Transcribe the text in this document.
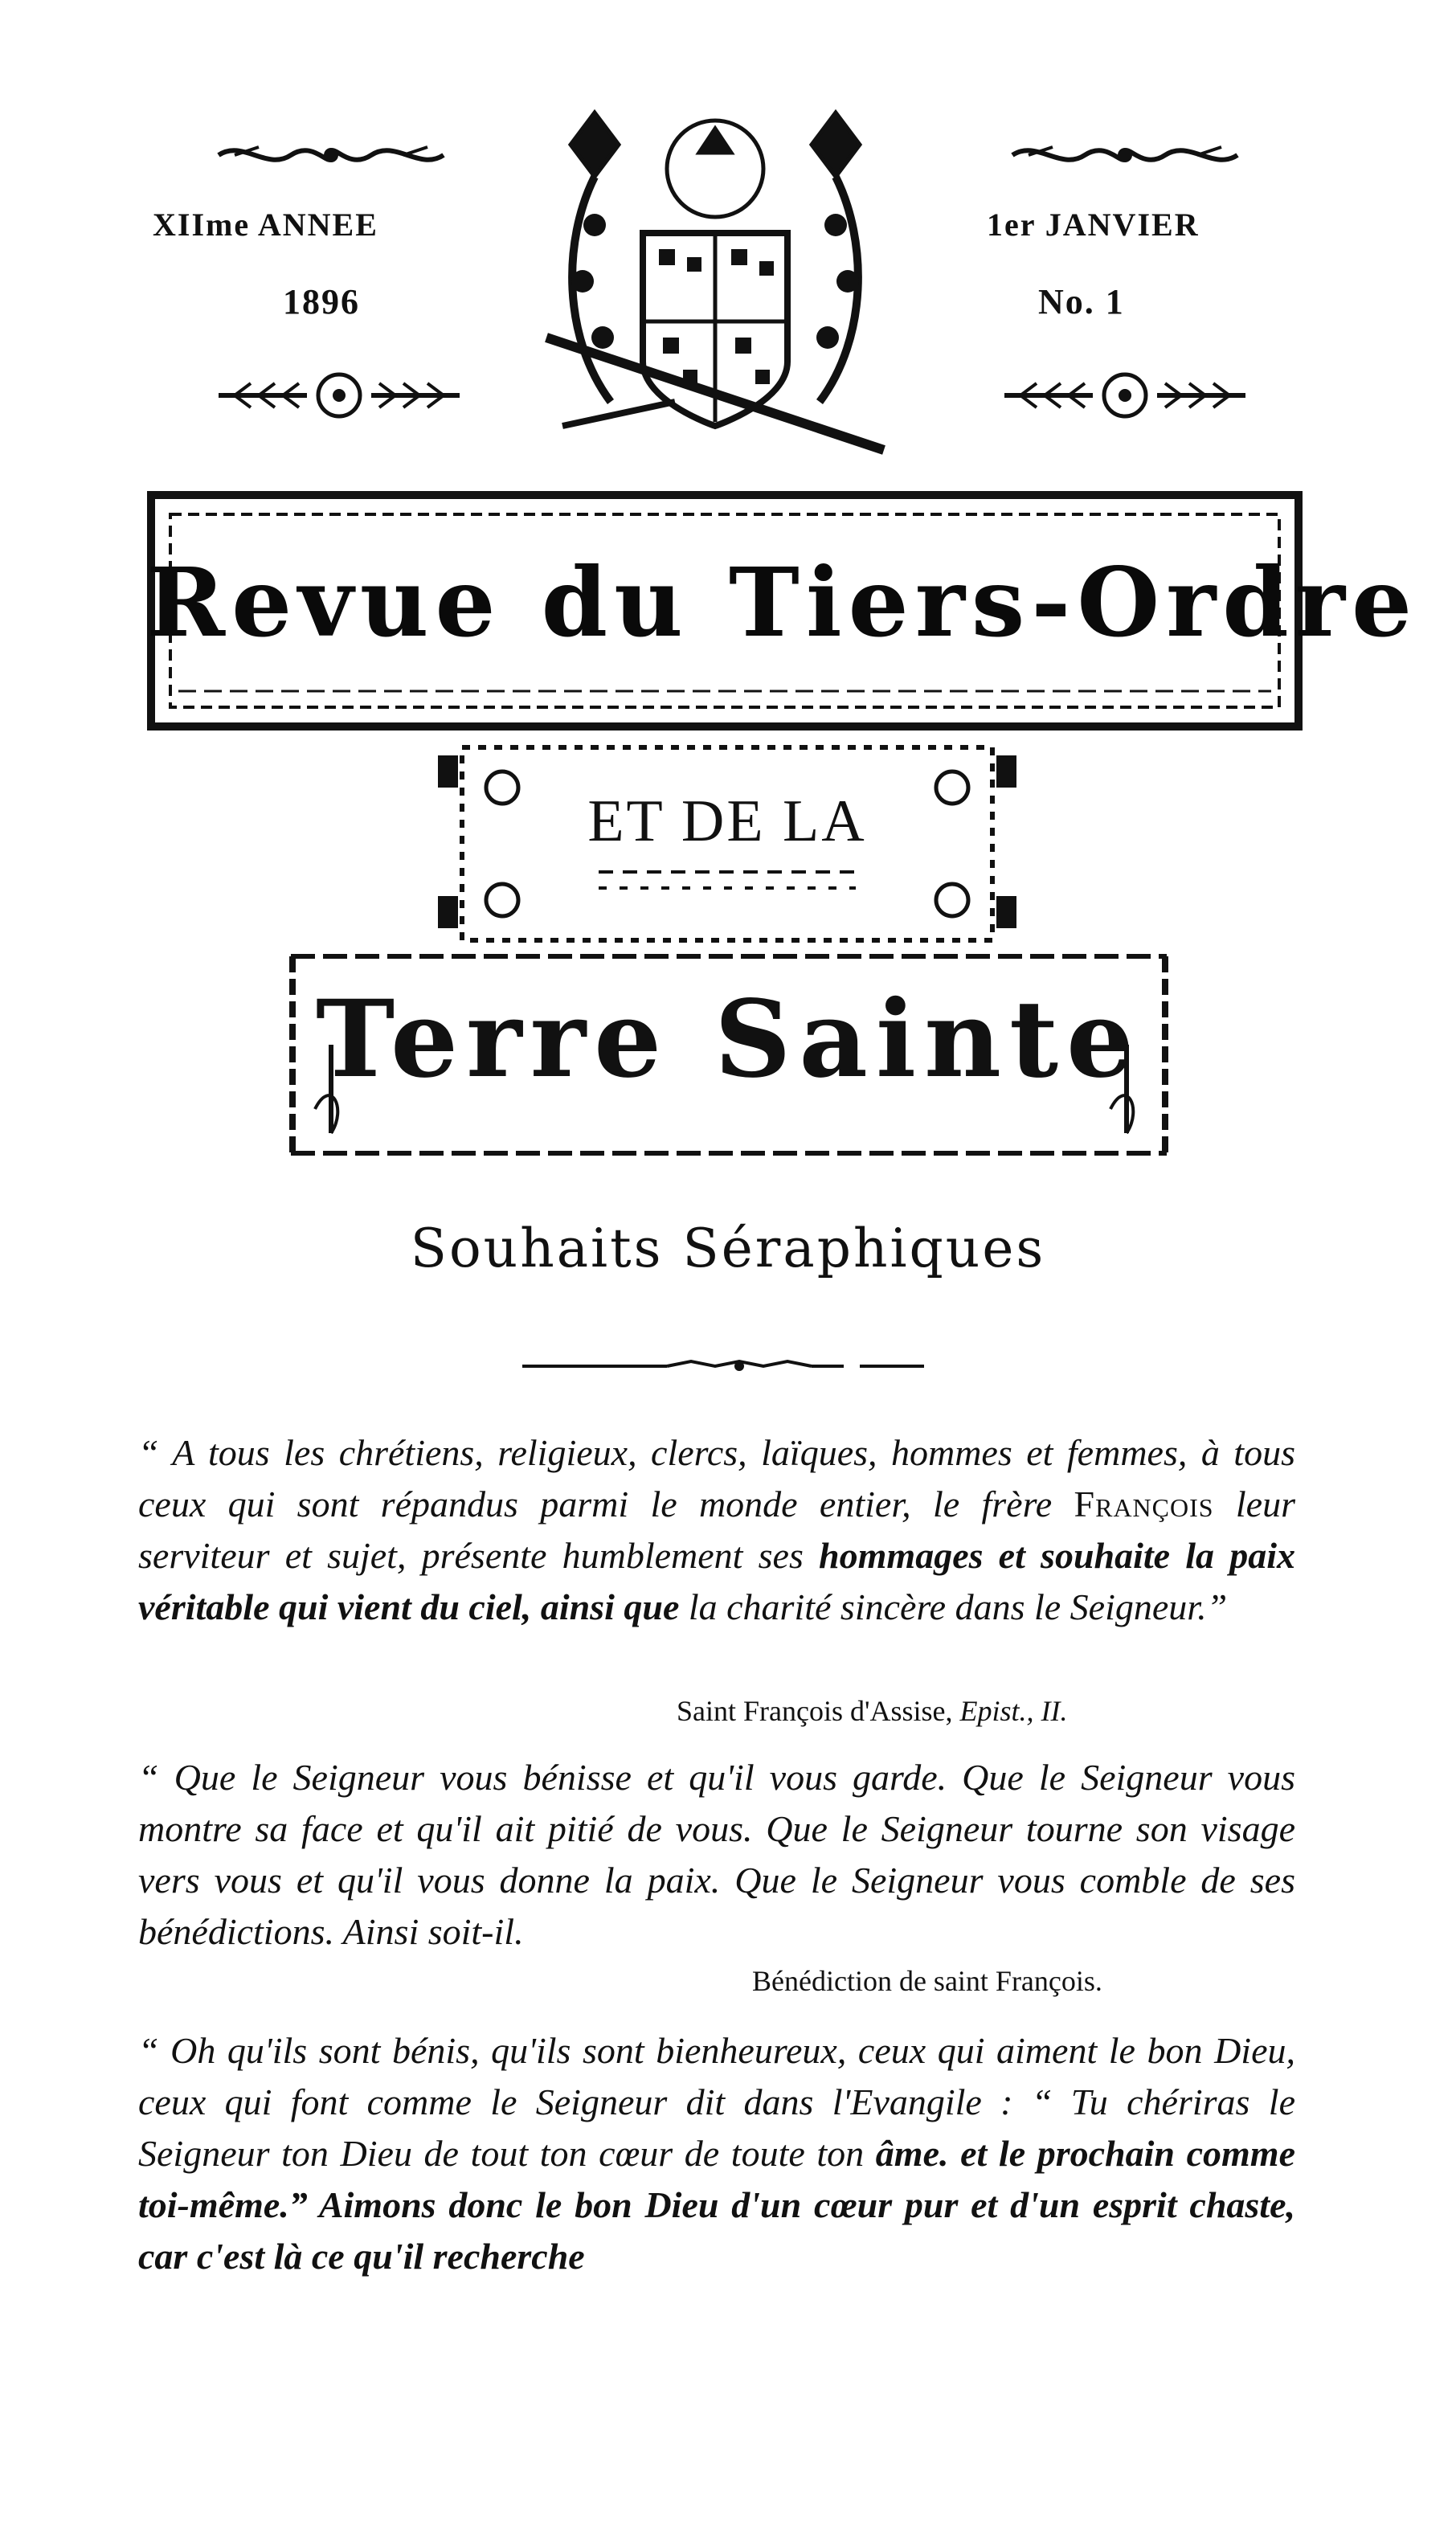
XIIme ANNEE
1896
1er JANVIER
No. 1
Revue du Tiers-Ordre
ET DE LA
Terre Sainte
Souhaits Séraphiques
“ A tous les chrétiens, religieux, clercs, laïques, hommes et femmes, à tous ceux qui sont répandus parmi le monde entier, le frère François leur serviteur et sujet, présente humblement ses hommages et souhaite la paix véritable qui vient du ciel, ainsi que la charité sincère dans le Seigneur.”
Saint François d'Assise, Epist., II.
“ Que le Seigneur vous bénisse et qu'il vous garde. Que le Seigneur vous montre sa face et qu'il ait pitié de vous. Que le Seigneur tourne son visage vers vous et qu'il vous donne la paix. Que le Seigneur vous comble de ses bénédictions. Ainsi soit-il.
Bénédiction de saint François.
“ Oh qu'ils sont bénis, qu'ils sont bienheureux, ceux qui aiment le bon Dieu, ceux qui font comme le Seigneur dit dans l'Evangile : “ Tu chériras le Seigneur ton Dieu de tout ton cœur de toute ton âme. et le prochain comme toi-même.” Aimons donc le bon Dieu d'un cœur pur et d'un esprit chaste, car c'est là ce qu'il recherche
